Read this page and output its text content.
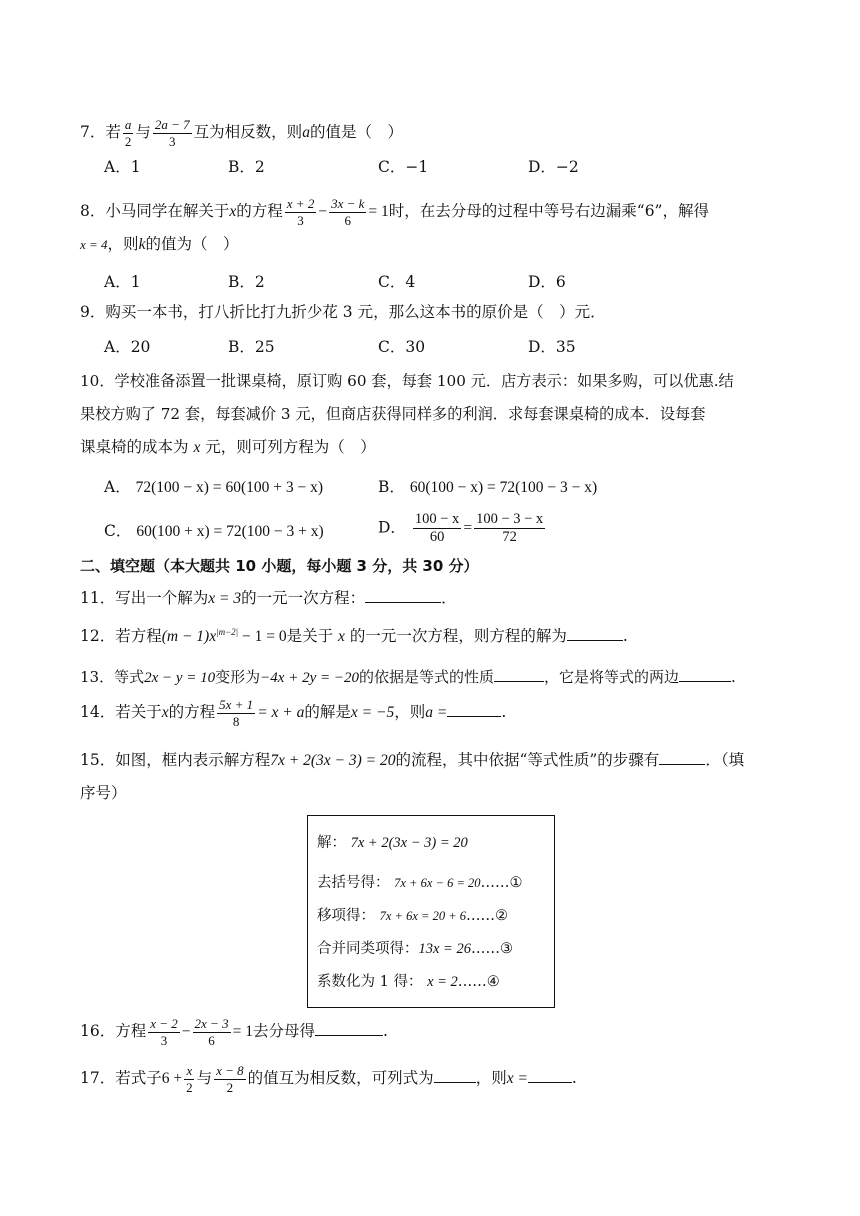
7．若 $\frac{a}{2}$ 与 $\frac{2a - 7}{3}$ 互为相反数，则a的值是（　）
A．1	B．2	C．−1	D．−2
8．小马同学在解关于x的方程 $\frac{x + 2}{3} - \frac{3x - k}{6} = 1$时，在去分母的过程中等号右边漏乘“6”，解得
x = 4，则k的值为（　）
A．1	B．2	C．4	D．6
9．购买一本书，打八折比打九折少花 3 元，那么这本书的原价是（　）元．
A．20	B．25	C．30	D．35
10．学校准备添置一批课桌椅，原订购 60 套，每套 100 元．店方表示：如果多购，可以优惠.结
果校方购了 72 套，每套减价 3 元，但商店获得同样多的利润．求每套课桌椅的成本．设每套
课桌椅的成本为 x 元，则可列方程为（　）
A． 72(100 − x) = 60(100 + 3 − x)	B． 60(100 − x) = 72(100 − 3 − x)
C． 60(100 + x) = 72(100 − 3 + x)	D． $\frac{100 - x}{60} = \frac{100 - 3 - x}{72}$
二、填空题（本大题共 10 小题，每小题 3 分，共 30 分）
11．写出一个解为x = 3的一元一次方程：	．
12．若方程$(m - 1)x^{|m-2|} - 1 = 0$是关于 x 的一元一次方程，则方程的解为	.
13．等式2x − y = 10变形为−4x + 2y = −20的依据是等式的性质	，它是将等式的两边	.
14．若关于x的方程 $\frac{5x + 1}{8} = x + a$的解是x = −5，则a =	.
15．如图，框内表示解方程7x + 2(3x − 3) = 20的流程，其中依据“等式性质”的步骤有	．（填
序号）
解： 7x + 2(3x − 3) = 20
去括号得： 7x + 6x − 6 = 20……①
移项得： 7x + 6x = 20 + 6……②
合并同类项得：13x = 26……③
系数化为 1 得： x = 2……④
16．方程 $\frac{x - 2}{3} - \frac{2x - 3}{6} = 1$去分母得	.
17．若式子$6 + \frac{x}{2}$ 与 $\frac{x - 8}{2}$ 的值互为相反数，可列式为	，则x =	.
